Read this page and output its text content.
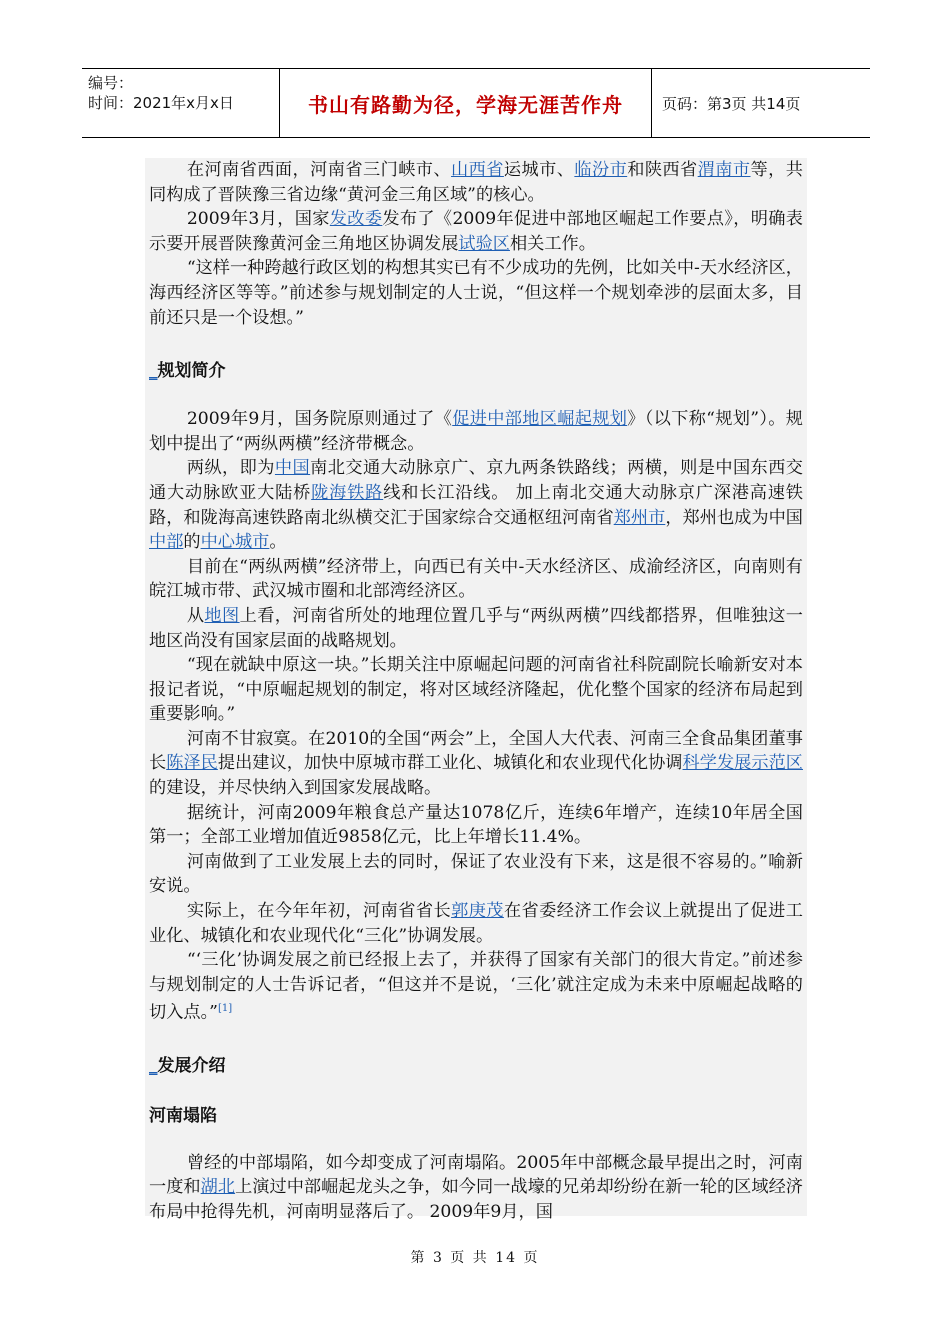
编号：
时间：2021年x月x日	书山有路勤为径，学海无涯苦作舟	页码：第3页 共14页

在河南省西面，河南省三门峡市、山西省运城市、临汾市和陕西省渭南市等，共同构成了晋陕豫三省边缘“黄河金三角区域”的核心。

2009年3月，国家发改委发布了《2009年促进中部地区崛起工作要点》，明确表示要开展晋陕豫黄河金三角地区协调发展试验区相关工作。

“这样一种跨越行政区划的构想其实已有不少成功的先例，比如关中-天水经济区，海西经济区等等。”前述参与规划制定的人士说，“但这样一个规划牵涉的层面太多，目前还只是一个设想。”

_规划简介

2009年9月，国务院原则通过了《促进中部地区崛起规划》（以下称“规划”）。规划中提出了“两纵两横”经济带概念。

两纵，即为中国南北交通大动脉京广、京九两条铁路线；两横，则是中国东西交通大动脉欧亚大陆桥陇海铁路线和长江沿线。 加上南北交通大动脉京广深港高速铁路，和陇海高速铁路南北纵横交汇于国家综合交通枢纽河南省郑州市，郑州也成为中国中部的中心城市。

目前在“两纵两横”经济带上，向西已有关中-天水经济区、成渝经济区，向南则有皖江城市带、武汉城市圈和北部湾经济区。

从地图上看，河南省所处的地理位置几乎与“两纵两横”四线都搭界，但唯独这一地区尚没有国家层面的战略规划。

“现在就缺中原这一块。”长期关注中原崛起问题的河南省社科院副院长喻新安对本报记者说，“中原崛起规划的制定，将对区域经济隆起，优化整个国家的经济布局起到重要影响。”

河南不甘寂寞。在2010的全国“两会”上，全国人大代表、河南三全食品集团董事长陈泽民提出建议，加快中原城市群工业化、城镇化和农业现代化协调科学发展示范区的建设，并尽快纳入到国家发展战略。

据统计，河南2009年粮食总产量达1078亿斤，连续6年增产，连续10年居全国第一；全部工业增加值近9858亿元，比上年增长11.4%。

河南做到了工业发展上去的同时，保证了农业没有下来，这是很不容易的。”喻新安说。

实际上，在今年年初，河南省省长郭庚茂在省委经济工作会议上就提出了促进工业化、城镇化和农业现代化“三化”协调发展。

“‘三化’协调发展之前已经报上去了，并获得了国家有关部门的很大肯定。”前述参与规划制定的人士告诉记者，“但这并不是说，‘三化’就注定成为未来中原崛起战略的切入点。”[1]

_发展介绍

河南塌陷

曾经的中部塌陷，如今却变成了河南塌陷。2005年中部概念最早提出之时，河南一度和湖北上演过中部崛起龙头之争，如今同一战壕的兄弟却纷纷在新一轮的区域经济布局中抢得先机，河南明显落后了。 2009年9月，国

第 3 页 共 14 页
